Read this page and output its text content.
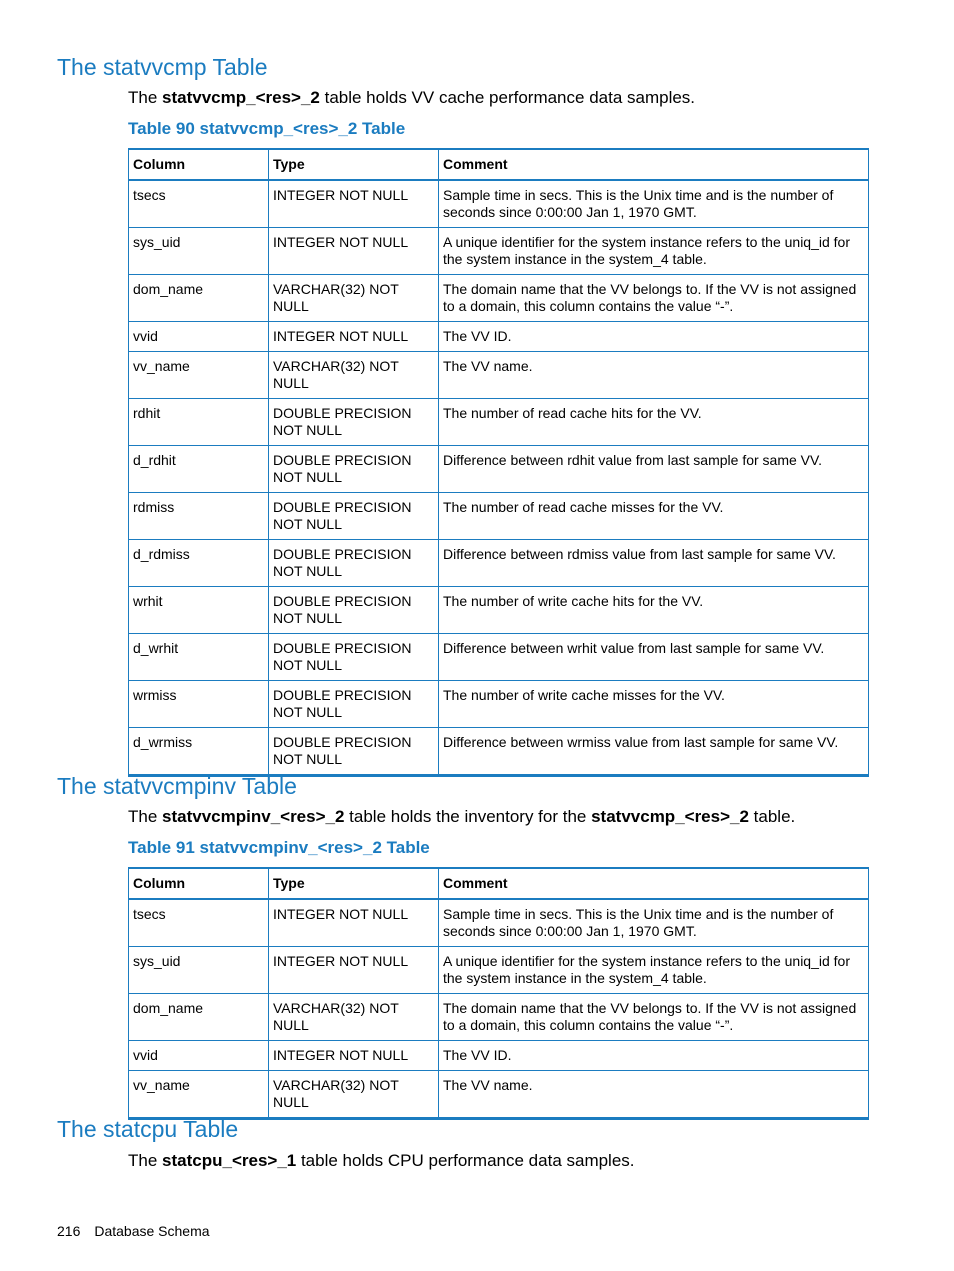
The statvvcmp Table

The statvvcmp_<res>_2 table holds VV cache performance data samples.

Table 90 statvvcmp_<res>_2 Table

Column	Type	Comment
tsecs	INTEGER NOT NULL	Sample time in secs. This is the Unix time and is the number of seconds since 0:00:00 Jan 1, 1970 GMT.
sys_uid	INTEGER NOT NULL	A unique identifier for the system instance refers to the uniq_id for the system instance in the system_4 table.
dom_name	VARCHAR(32) NOT NULL	The domain name that the VV belongs to. If the VV is not assigned to a domain, this column contains the value “-”.
vvid	INTEGER NOT NULL	The VV ID.
vv_name	VARCHAR(32) NOT NULL	The VV name.
rdhit	DOUBLE PRECISION NOT NULL	The number of read cache hits for the VV.
d_rdhit	DOUBLE PRECISION NOT NULL	Difference between rdhit value from last sample for same VV.
rdmiss	DOUBLE PRECISION NOT NULL	The number of read cache misses for the VV.
d_rdmiss	DOUBLE PRECISION NOT NULL	Difference between rdmiss value from last sample for same VV.
wrhit	DOUBLE PRECISION NOT NULL	The number of write cache hits for the VV.
d_wrhit	DOUBLE PRECISION NOT NULL	Difference between wrhit value from last sample for same VV.
wrmiss	DOUBLE PRECISION NOT NULL	The number of write cache misses for the VV.
d_wrmiss	DOUBLE PRECISION NOT NULL	Difference between wrmiss value from last sample for same VV.
The statvvcmpinv Table

The statvvcmpinv_<res>_2 table holds the inventory for the statvvcmp_<res>_2 table.

Table 91 statvvcmpinv_<res>_2 Table

Column	Type	Comment
tsecs	INTEGER NOT NULL	Sample time in secs. This is the Unix time and is the number of seconds since 0:00:00 Jan 1, 1970 GMT.
sys_uid	INTEGER NOT NULL	A unique identifier for the system instance refers to the uniq_id for the system instance in the system_4 table.
dom_name	VARCHAR(32) NOT NULL	The domain name that the VV belongs to. If the VV is not assigned to a domain, this column contains the value “-”.
vvid	INTEGER NOT NULL	The VV ID.
vv_name	VARCHAR(32) NOT NULL	The VV name.
The statcpu Table

The statcpu_<res>_1 table holds CPU performance data samples.

216 Database Schema
